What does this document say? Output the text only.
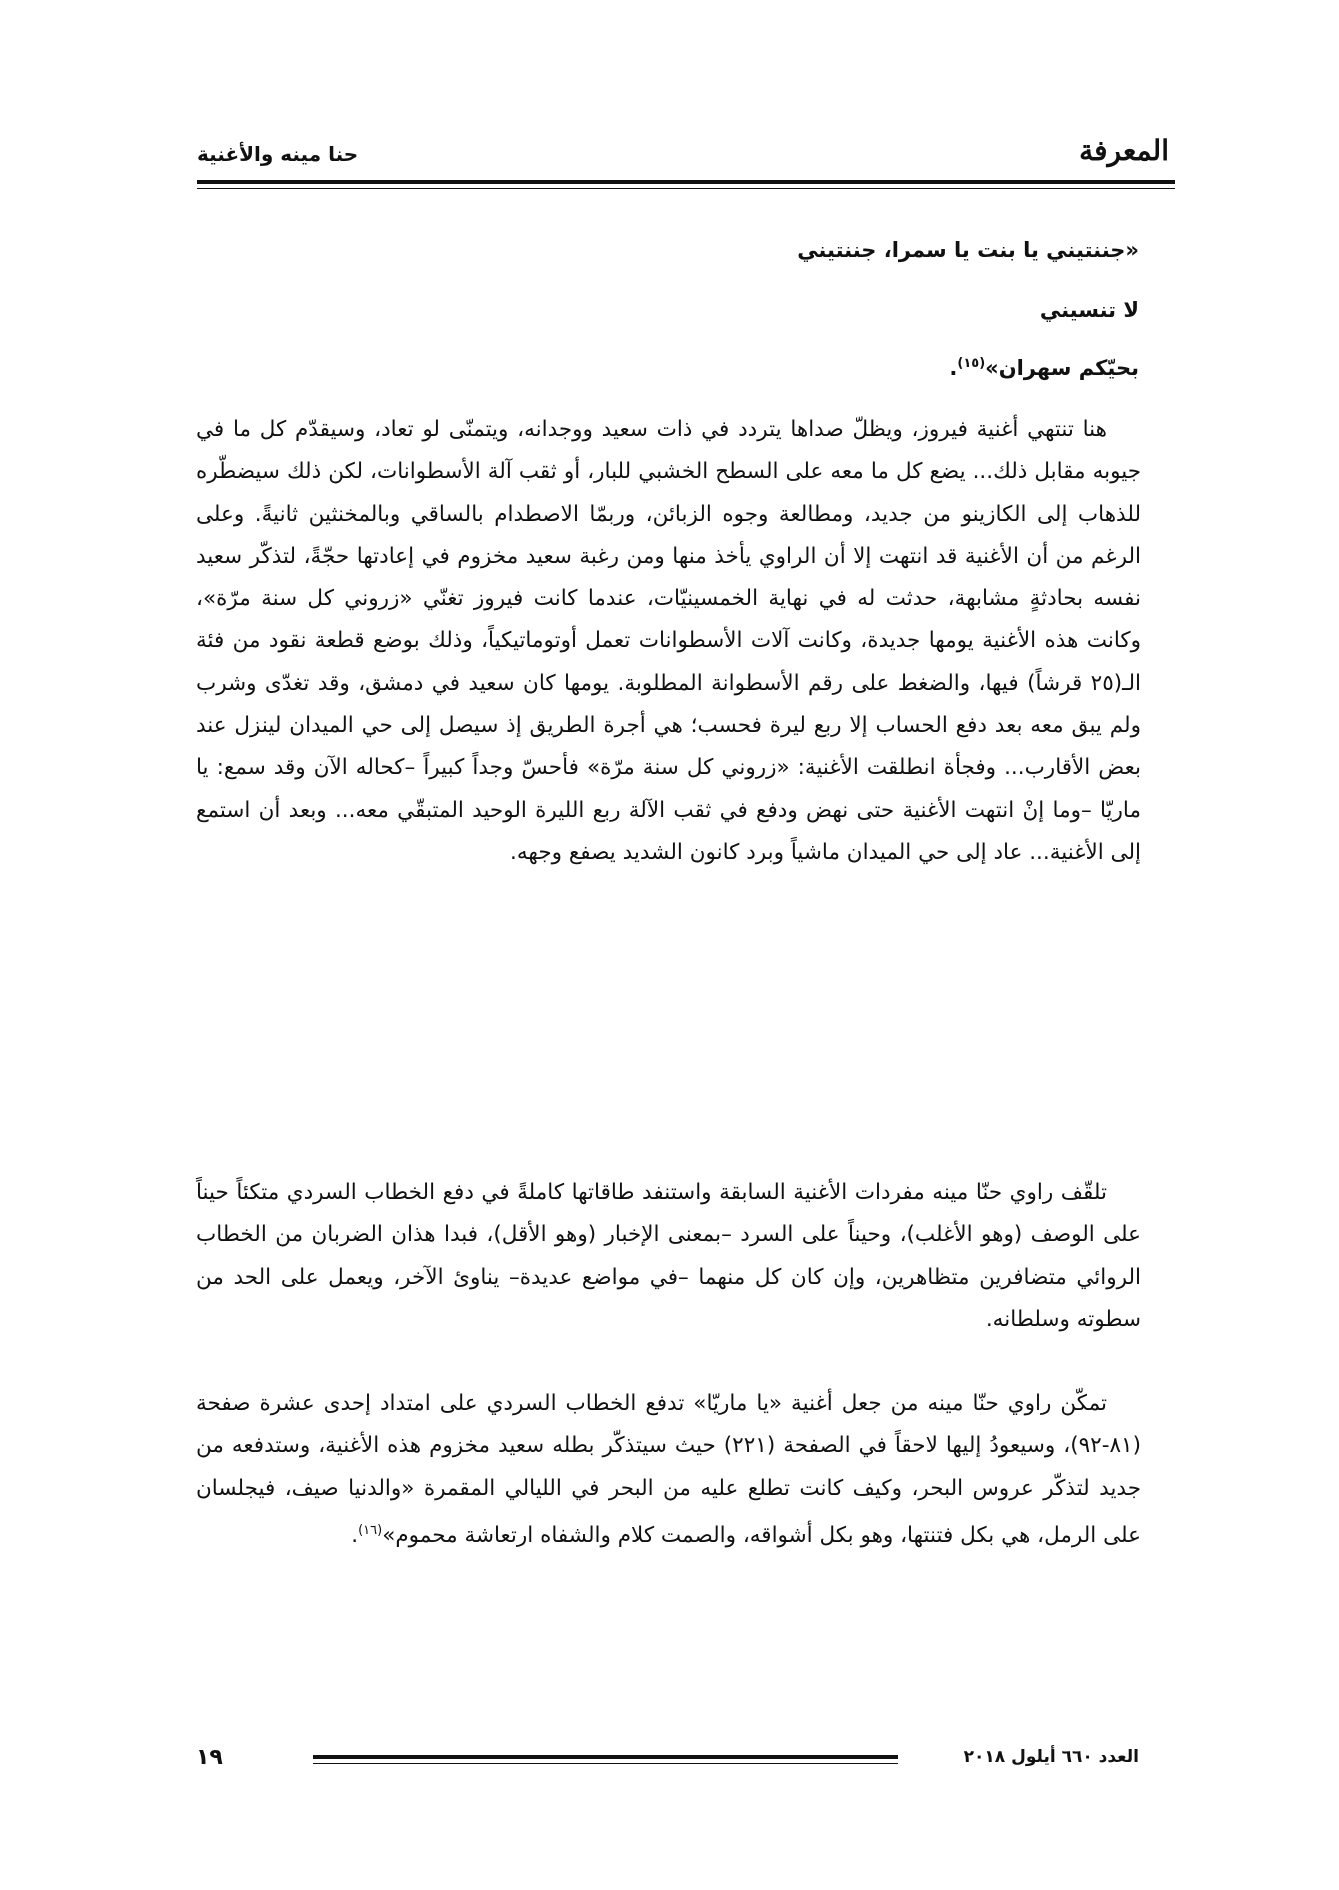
حنا مينه والأغنية	المعرفة
«جننتيني يا بنت يا سمرا، جننتيني
لا تنسيني
بحيّكم سهران»$^{(١٥)}$.

هنا تنتهي أغنية فيروز، ويظلّ صداها يتردد في ذات سعيد ووجدانه، ويتمنّى لو تعاد، وسيقدّم كل ما في جيوبه مقابل ذلك... يضع كل ما معه على السطح الخشبي للبار، أو ثقب آلة الأسطوانات، لكن ذلك سيضطّره للذهاب إلى الكازينو من جديد، ومطالعة وجوه الزبائن، وربمّا الاصطدام بالساقي وبالمخنثين ثانيةً. وعلى الرغم من أن الأغنية قد انتهت إلا أن الراوي يأخذ منها ومن رغبة سعيد مخزوم في إعادتها حجّةً، لتذكّر سعيد نفسه بحادثةٍ مشابهة، حدثت له في نهاية الخمسينيّات، عندما كانت فيروز تغنّي «زروني كل سنة مرّة»، وكانت هذه الأغنية يومها جديدة، وكانت آلات الأسطوانات تعمل أوتوماتيكياً، وذلك بوضع قطعة نقود من فئة الـ(٢٥ قرشاً) فيها، والضغط على رقم الأسطوانة المطلوبة. يومها كان سعيد في دمشق، وقد تغدّى وشرب ولم يبق معه بعد دفع الحساب إلا ربع ليرة فحسب؛ هي أجرة الطريق إذ سيصل إلى حي الميدان لينزل عند بعض الأقارب... وفجأة انطلقت الأغنية: «زروني كل سنة مرّة» فأحسّ وجداً كبيراً –كحاله الآن وقد سمع: يا ماريّا –وما إنْ انتهت الأغنية حتى نهض ودفع في ثقب الآلة ربع الليرة الوحيد المتبقّي معه... وبعد أن استمع إلى الأغنية... عاد إلى حي الميدان ماشياً وبرد كانون الشديد يصفع وجهه.

تلقّف راوي حنّا مينه مفردات الأغنية السابقة واستنفد طاقاتها كاملةً في دفع الخطاب السردي متكئاً حيناً على الوصف (وهو الأغلب)، وحيناً على السرد –بمعنى الإخبار (وهو الأقل)، فبدا هذان الضربان من الخطاب الروائي متضافرين متظاهرين، وإن كان كل منهما –في مواضع عديدة– يناوئ الآخر، ويعمل على الحد من سطوته وسلطانه.

تمكّن راوي حنّا مينه من جعل أغنية «يا ماريّا» تدفع الخطاب السردي على امتداد إحدى عشرة صفحة (٨١-٩٢)، وسيعودُ إليها لاحقاً في الصفحة (٢٢١) حيث سيتذكّر بطله سعيد مخزوم هذه الأغنية، وستدفعه من جديد لتذكّر عروس البحر، وكيف كانت تطلع عليه من البحر في الليالي المقمرة «والدنيا صيف، فيجلسان على الرمل، هي بكل فتنتها، وهو بكل أشواقه، والصمت كلام والشفاه ارتعاشة محموم»$^{(١٦)}$.

١٩	العدد ٦٦٠ أيلول ٢٠١٨
